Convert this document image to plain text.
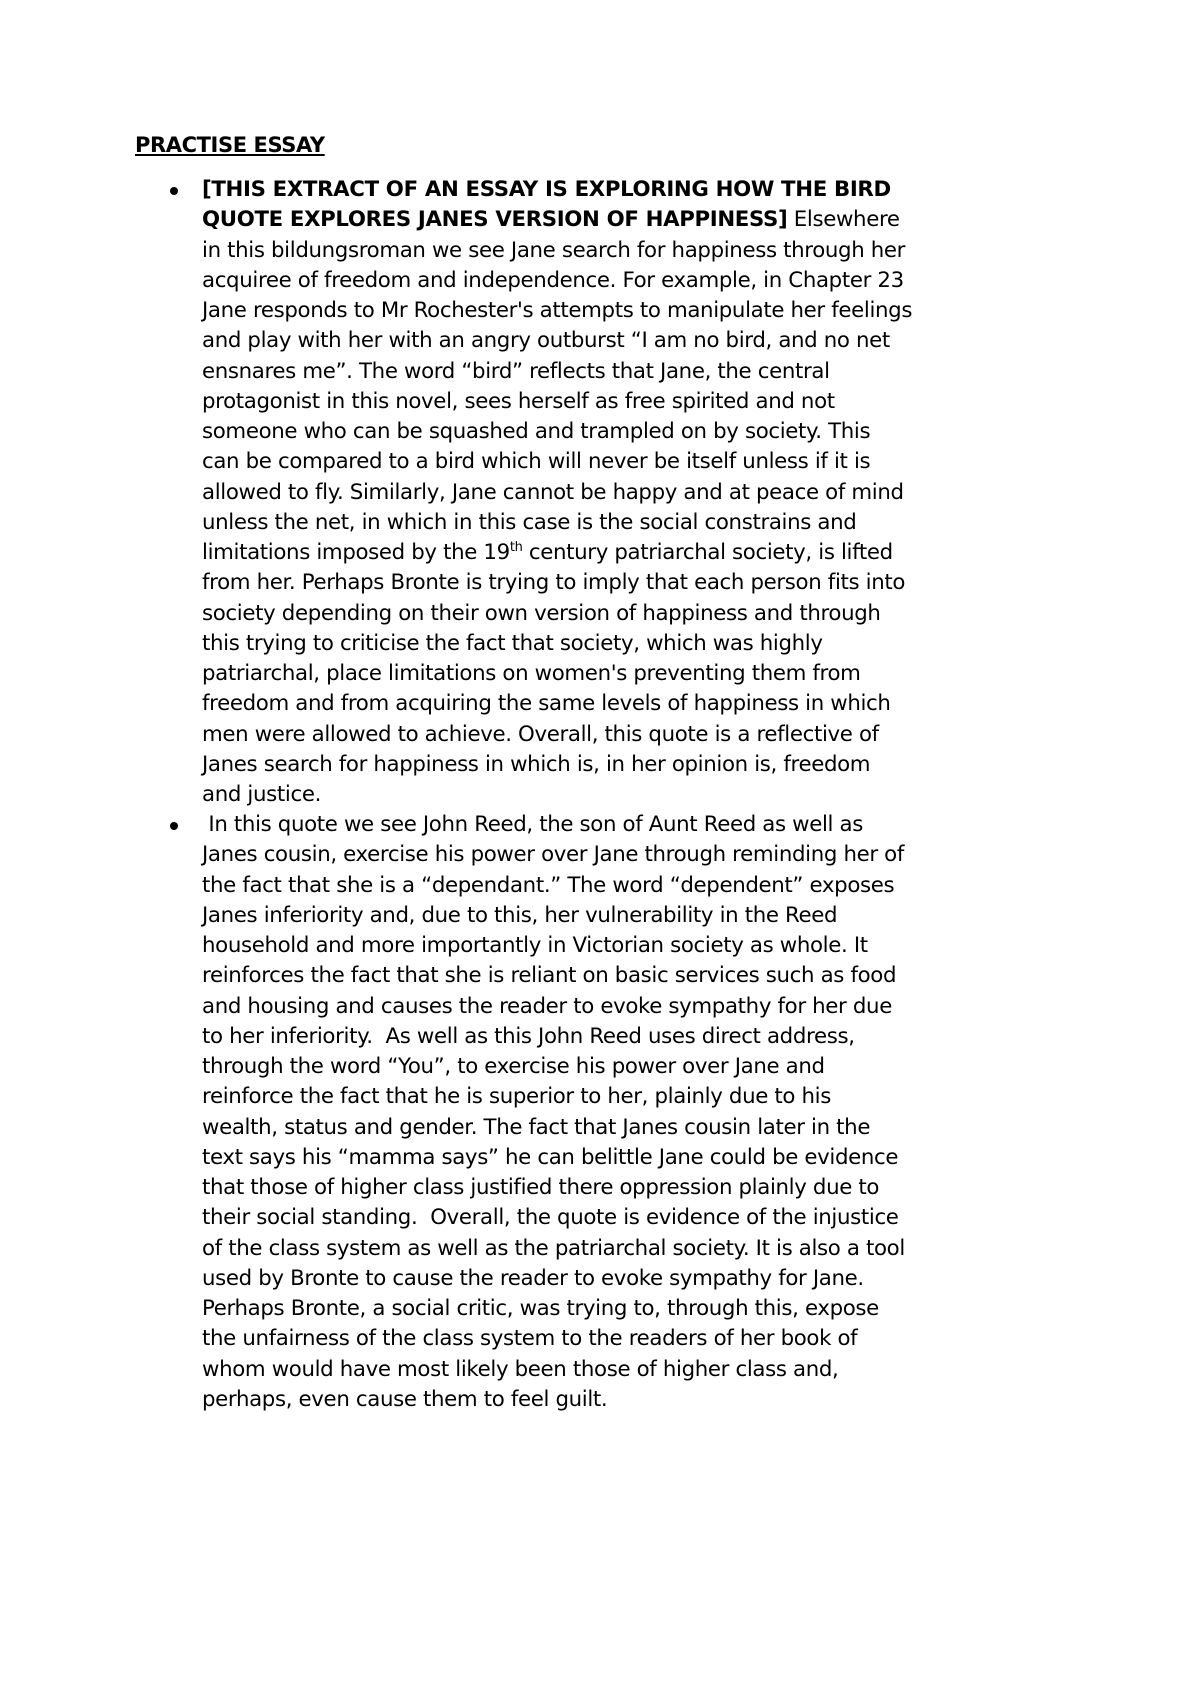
PRACTISE ESSAY
[THIS EXTRACT OF AN ESSAY IS EXPLORING HOW THE BIRD
QUOTE EXPLORES JANES VERSION OF HAPPINESS] Elsewhere
in this bildungsroman we see Jane search for happiness through her
acquiree of freedom and independence. For example, in Chapter 23
Jane responds to Mr Rochester's attempts to manipulate her feelings
and play with her with an angry outburst “I am no bird, and no net
ensnares me”. The word “bird” reflects that Jane, the central
protagonist in this novel, sees herself as free spirited and not
someone who can be squashed and trampled on by society. This
can be compared to a bird which will never be itself unless if it is
allowed to fly. Similarly, Jane cannot be happy and at peace of mind
unless the net, in which in this case is the social constrains and
limitations imposed by the 19th century patriarchal society, is lifted
from her. Perhaps Bronte is trying to imply that each person fits into
society depending on their own version of happiness and through
this trying to criticise the fact that society, which was highly
patriarchal, place limitations on women's preventing them from
freedom and from acquiring the same levels of happiness in which
men were allowed to achieve. Overall, this quote is a reflective of
Janes search for happiness in which is, in her opinion is, freedom
and justice.
In this quote we see John Reed, the son of Aunt Reed as well as
Janes cousin, exercise his power over Jane through reminding her of
the fact that she is a “dependant.” The word “dependent” exposes
Janes inferiority and, due to this, her vulnerability in the Reed
household and more importantly in Victorian society as whole. It
reinforces the fact that she is reliant on basic services such as food
and housing and causes the reader to evoke sympathy for her due
to her inferiority.  As well as this John Reed uses direct address,
through the word “You”, to exercise his power over Jane and
reinforce the fact that he is superior to her, plainly due to his
wealth, status and gender. The fact that Janes cousin later in the
text says his “mamma says” he can belittle Jane could be evidence
that those of higher class justified there oppression plainly due to
their social standing.  Overall, the quote is evidence of the injustice
of the class system as well as the patriarchal society. It is also a tool
used by Bronte to cause the reader to evoke sympathy for Jane.
Perhaps Bronte, a social critic, was trying to, through this, expose
the unfairness of the class system to the readers of her book of
whom would have most likely been those of higher class and,
perhaps, even cause them to feel guilt.
